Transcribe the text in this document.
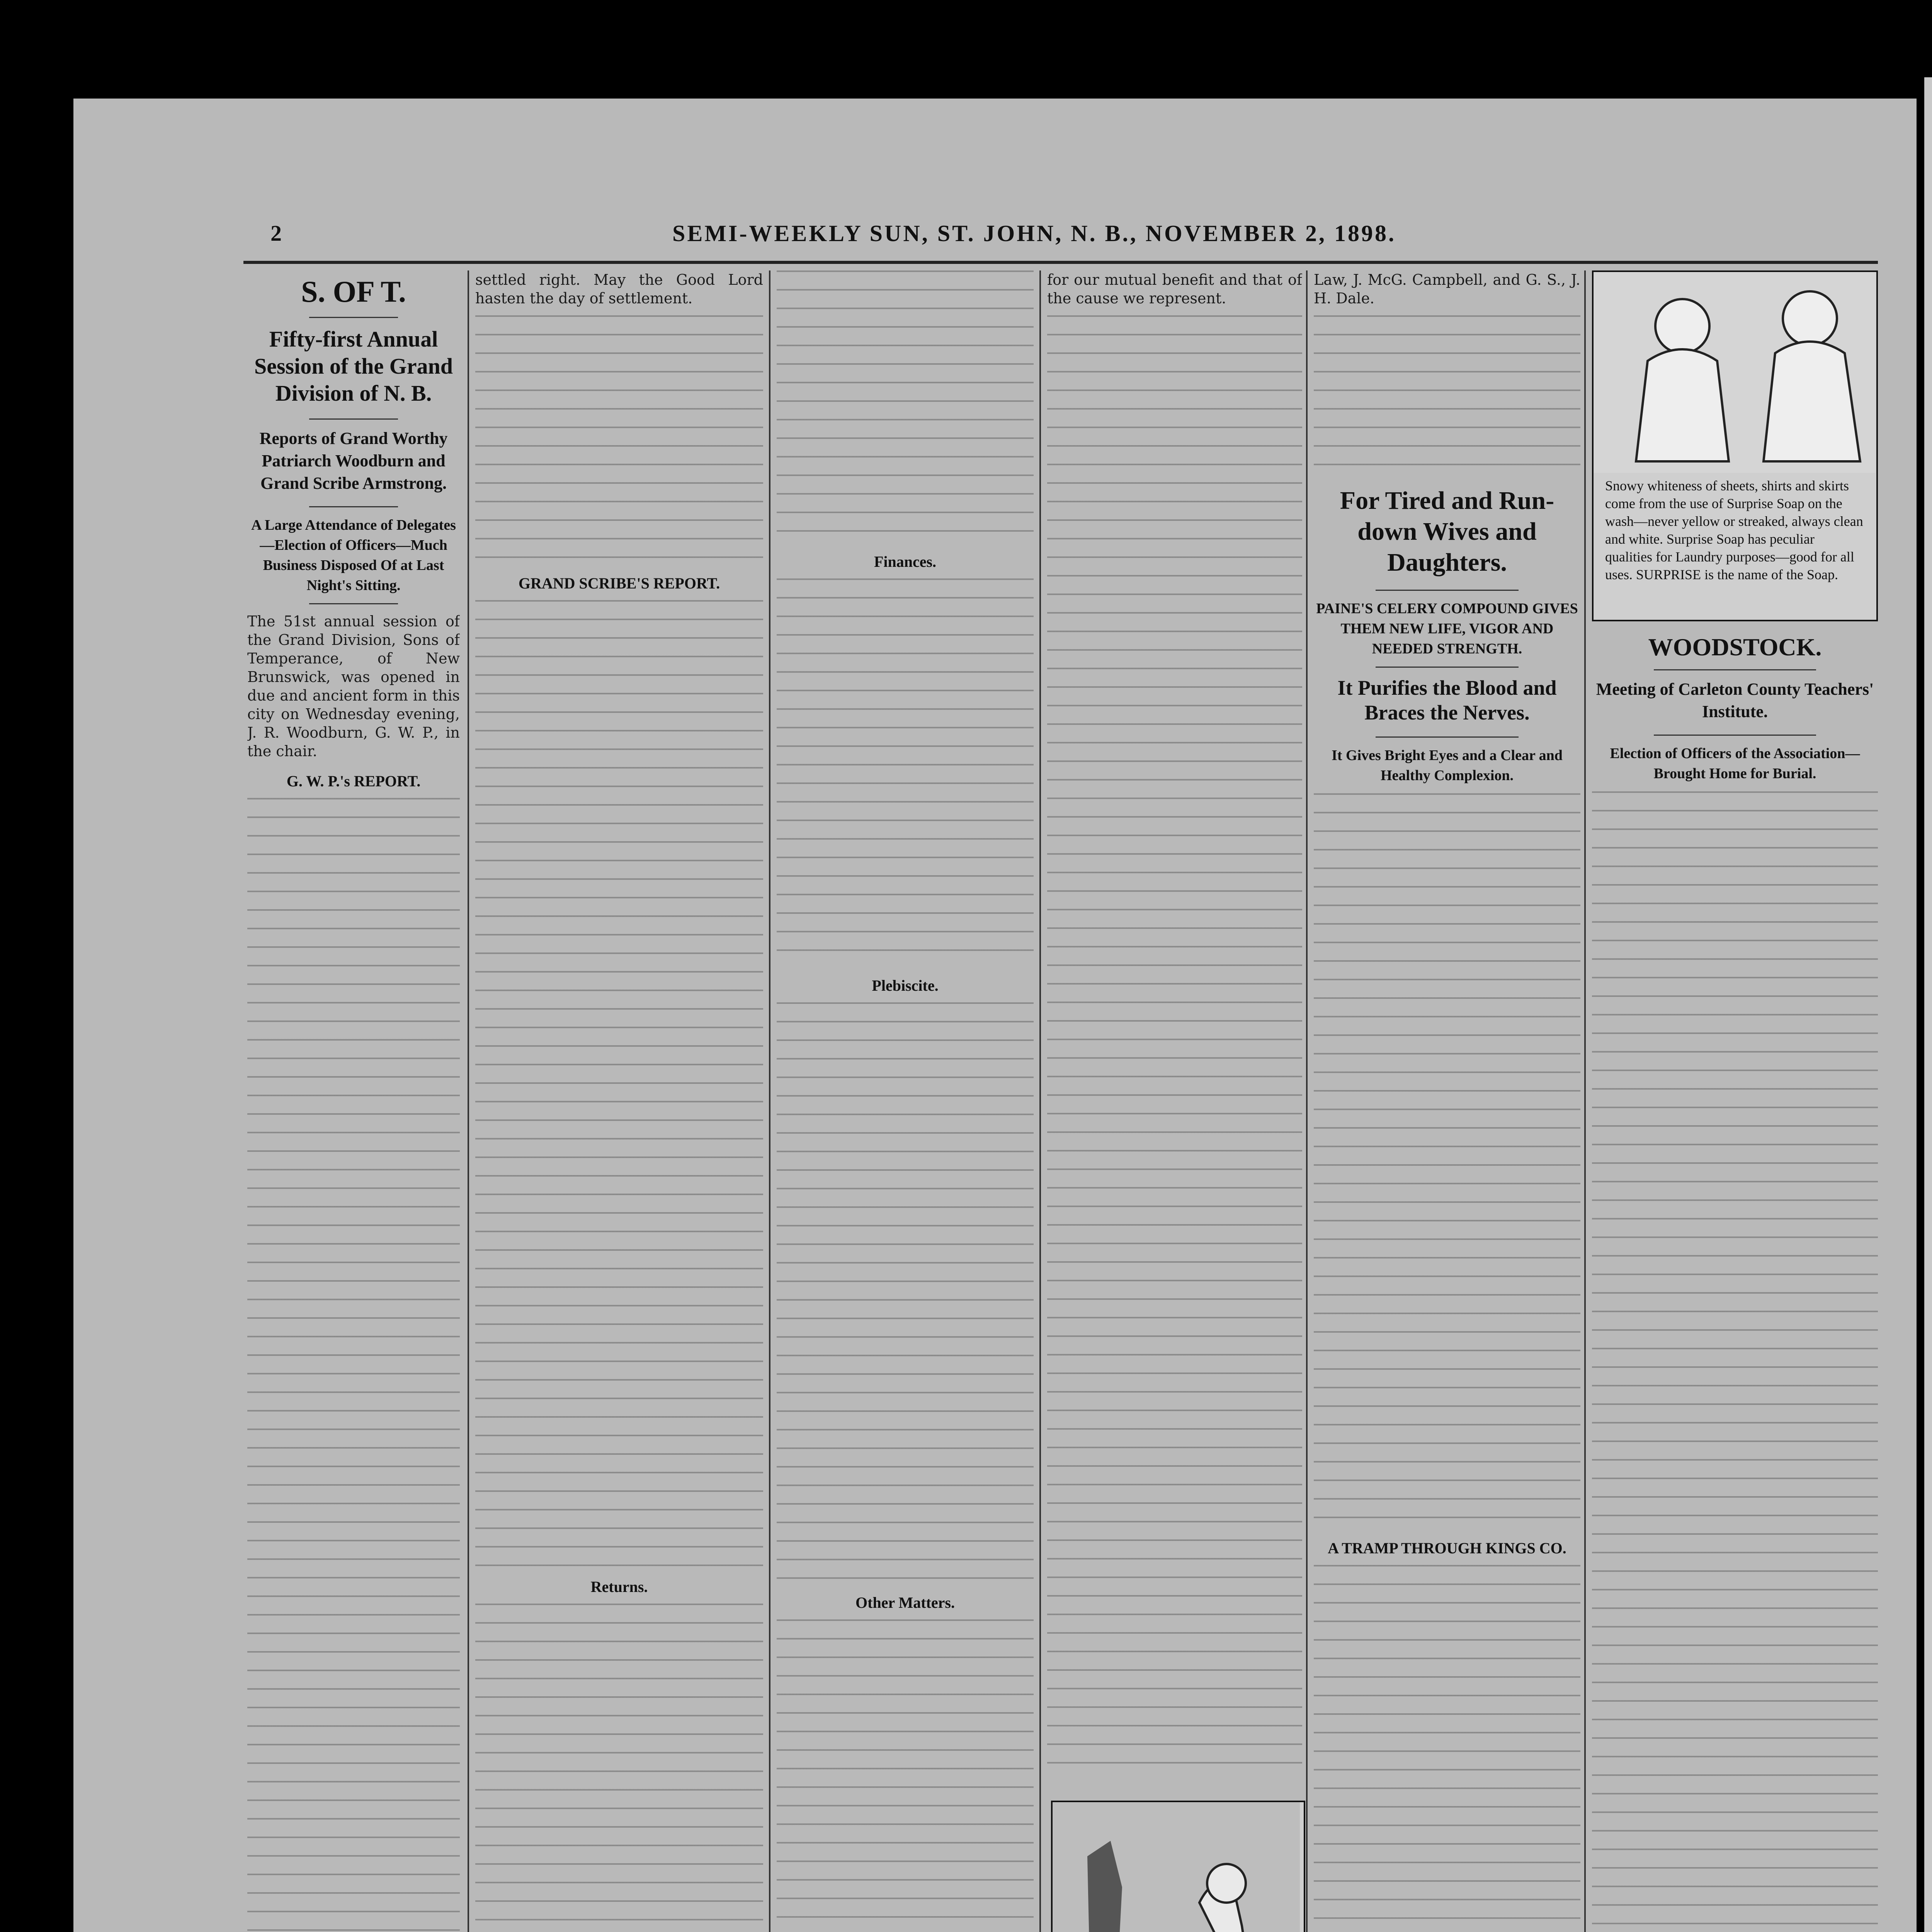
2	SEMI-WEEKLY SUN, ST. JOHN, N. B., NOVEMBER 2, 1898.
S. OF T.
Fifty-first Annual Session of the Grand Division of N. B.
Reports of Grand Worthy Patriarch Woodburn and Grand Scribe Armstrong.
A Large Attendance of Delegates—Election of Officers—Much Business Disposed Of at Last Night's Sitting.
The 51st annual session of the Grand Division, Sons of Temperance, of New Brunswick, was opened in due and ancient form in this city on Wednesday evening, J. R. Woodburn, G. W. P., in the chair.
G. W. P.'s REPORT.
settled right. May the Good Lord hasten the day of settlement.
GRAND SCRIBE'S REPORT.
Returns.
Finances.
Plebiscite.
Other Matters.
for our mutual benefit and that of the cause we represent.
Law, J. McG. Campbell, and G. S., J. H. Dale.
For Tired and Run-down Wives and Daughters.
PAINE'S CELERY COMPOUND GIVES THEM NEW LIFE, VIGOR AND NEEDED STRENGTH.
It Purifies the Blood and Braces the Nerves.
It Gives Bright Eyes and a Clear and Healthy Complexion.
A TRAMP THROUGH KINGS CO.
Snowy whiteness of sheets, shirts and skirts come from the use of Surprise Soap on the wash—never yellow or streaked, always clean and white. Surprise Soap has peculiar qualities for Laundry purposes—good for all uses. SURPRISE is the name of the Soap.
WOODSTOCK.
Meeting of Carleton County Teachers' Institute.
Election of Officers of the Association—Brought Home for Burial.
